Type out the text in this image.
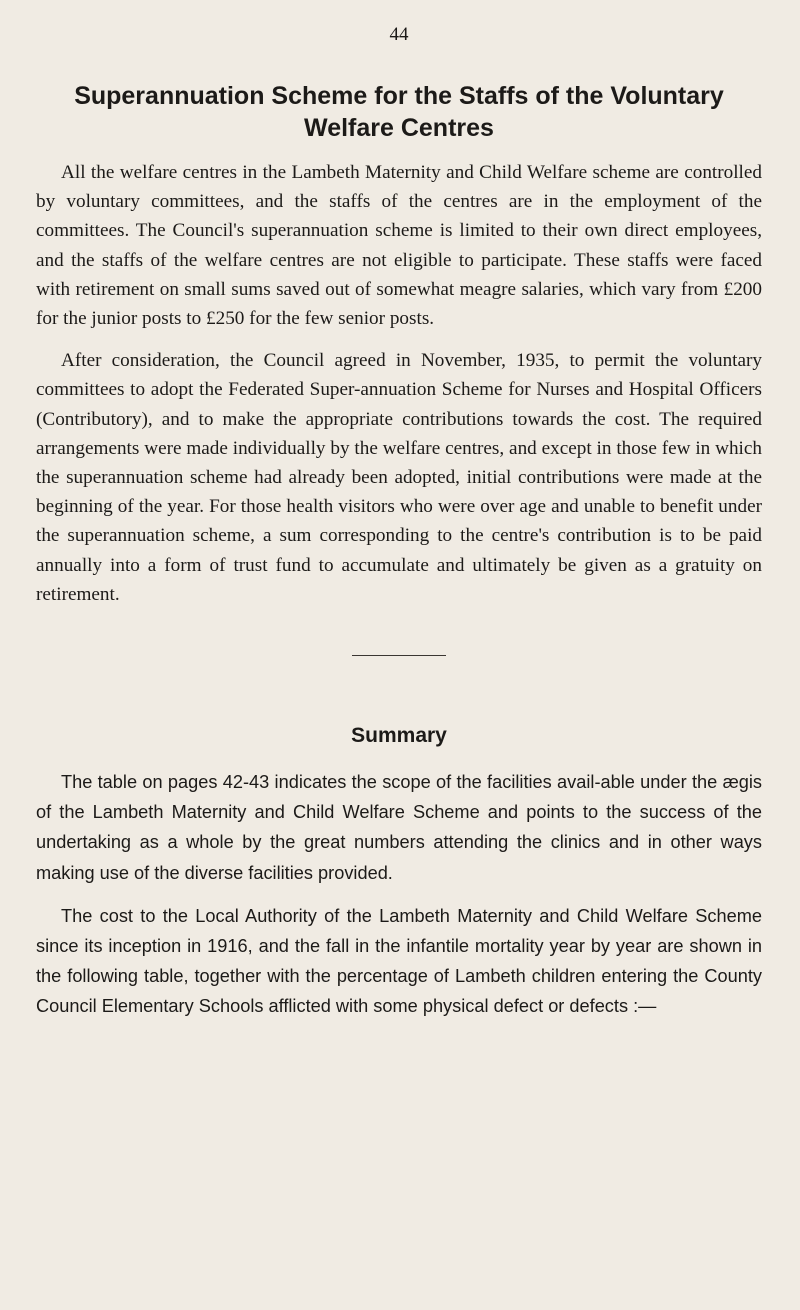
44
Superannuation Scheme for the Staffs of the Voluntary
Welfare Centres

All the welfare centres in the Lambeth Maternity and Child Welfare scheme are controlled by voluntary committees, and the staffs of the centres are in the employment of the committees. The Council's superannuation scheme is limited to their own direct employees, and the staffs of the welfare centres are not eligible to participate. These staffs were faced with retirement on small sums saved out of somewhat meagre salaries, which vary from £200 for the junior posts to £250 for the few senior posts.

After consideration, the Council agreed in November, 1935, to permit the voluntary committees to adopt the Federated Super-annuation Scheme for Nurses and Hospital Officers (Contributory), and to make the appropriate contributions towards the cost. The required arrangements were made individually by the welfare centres, and except in those few in which the superannuation scheme had already been adopted, initial contributions were made at the beginning of the year. For those health visitors who were over age and unable to benefit under the superannuation scheme, a sum corresponding to the centre's contribution is to be paid annually into a form of trust fund to accumulate and ultimately be given as a gratuity on retirement.

Summary

The table on pages 42-43 indicates the scope of the facilities avail-able under the ægis of the Lambeth Maternity and Child Welfare Scheme and points to the success of the undertaking as a whole by the great numbers attending the clinics and in other ways making use of the diverse facilities provided.

The cost to the Local Authority of the Lambeth Maternity and Child Welfare Scheme since its inception in 1916, and the fall in the infantile mortality year by year are shown in the following table, together with the percentage of Lambeth children entering the County Council Elementary Schools afflicted with some physical defect or defects :—
